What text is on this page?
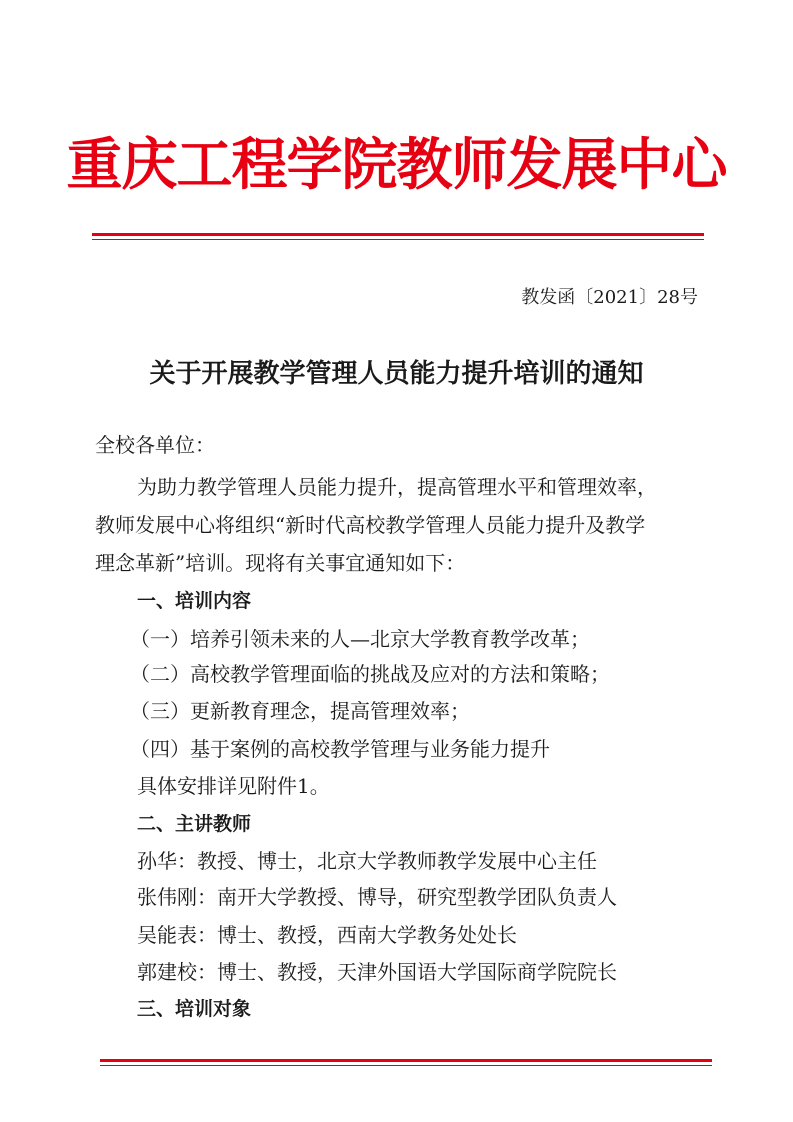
重庆工程学院教师发展中心
教发函〔2021〕28号
关于开展教学管理人员能力提升培训的通知
全校各单位：
为助力教学管理人员能力提升，提高管理水平和管理效率，
教师发展中心将组织“新时代高校教学管理人员能力提升及教学
理念革新”培训。现将有关事宜通知如下：
一、培训内容
（一）培养引领未来的人—北京大学教育教学改革；
（二）高校教学管理面临的挑战及应对的方法和策略；
（三）更新教育理念，提高管理效率；
（四）基于案例的高校教学管理与业务能力提升
具体安排详见附件1。
二、主讲教师
孙华：教授、博士，北京大学教师教学发展中心主任
张伟刚：南开大学教授、博导，研究型教学团队负责人
吴能表：博士、教授，西南大学教务处处长
郭建校：博士、教授，天津外国语大学国际商学院院长
三、培训对象
